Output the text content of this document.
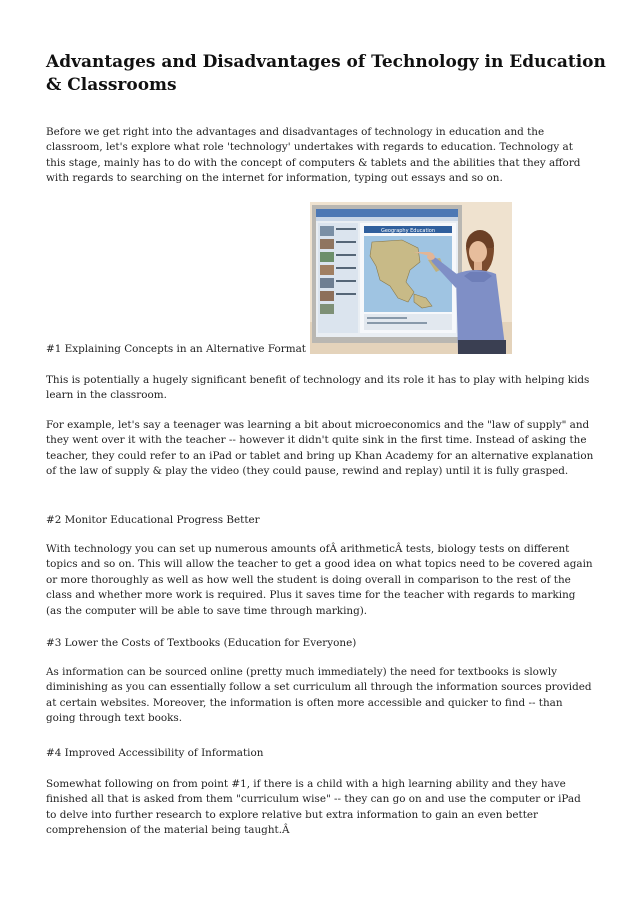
Advantages and Disadvantages of Technology in Education & Classrooms

Before we get right into the advantages and disadvantages of technology in education and the classroom, let's explore what role 'technology' undertakes with regards to education. Technology at this stage, mainly has to do with the concept of computers & tablets and the abilities that they afford with regards to searching on the internet for information, typing out essays and so on.

Geography Education

#1 Explaining Concepts in an Alternative Format

This is potentially a hugely significant benefit of technology and its role it has to play with helping kids learn in the classroom.

For example, let's say a teenager was learning a bit about microeconomics and the "law of supply" and they went over it with the teacher -- however it didn't quite sink in the first time. Instead of asking the teacher, they could refer to an iPad or tablet and bring up Khan Academy for an alternative explanation of the law of supply & play the video (they could pause, rewind and replay) until it is fully grasped.

#2 Monitor Educational Progress Better

With technology you can set up numerous amounts ofÂ arithmeticÂ tests, biology tests on different topics and so on. This will allow the teacher to get a good idea on what topics need to be covered again or more thoroughly as well as how well the student is doing overall in comparison to the rest of the class and whether more work is required. Plus it saves time for the teacher with regards to marking (as the computer will be able to save time through marking).

#3 Lower the Costs of Textbooks (Education for Everyone)

As information can be sourced online (pretty much immediately) the need for textbooks is slowly diminishing as you can essentially follow a set curriculum all through the information sources provided at certain websites. Moreover, the information is often more accessible and quicker to find -- than going through text books.

#4 Improved Accessibility of Information

Somewhat following on from point #1, if there is a child with a high learning ability and they have finished all that is asked from them "curriculum wise" -- they can go on and use the computer or iPad to delve into further research to explore relative but extra information to gain an even better comprehension of the material being taught.Â
